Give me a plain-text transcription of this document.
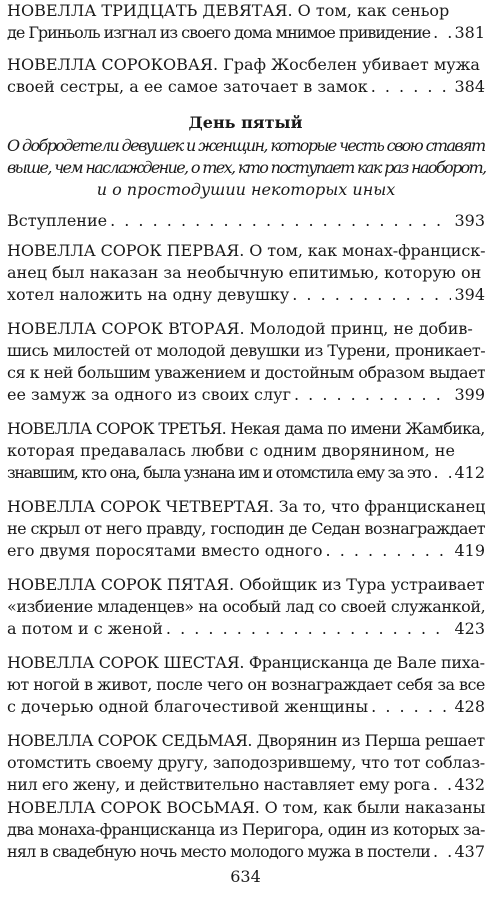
НОВЕЛЛА ТРИДЦАТЬ ДЕВЯТАЯ. О том, как сеньор
де Гриньоль изгнал из своего дома мнимое привидение . . . 381
НОВЕЛЛА СОРОКОВАЯ. Граф Жосбелен убивает мужа
своей сестры, а ее самое заточает в замок . . .	384
День пятый
О добродетели девушек и женщин, которые честь свою ставят
выше, чем наслаждение, о тех, кто поступает как раз наоборот,
и о простодушии некоторых иных
Вступление . . .	393
НОВЕЛЛА СОРОК ПЕРВАЯ. О том, как монах-франциск-
анец был наказан за необычную епитимью, которую он
хотел наложить на одну девушку . . .	394
НОВЕЛЛА СОРОК ВТОРАЯ. Молодой принц, не добив-
шись милостей от молодой девушки из Турени, проникает-
ся к ней большим уважением и достойным образом выдает
ее замуж за одного из своих слуг . . .	399
НОВЕЛЛА СОРОК ТРЕТЬЯ. Некая дама по имени Жамбика,
которая предавалась любви с одним дворянином, не
знавшим, кто она, была узнана им и отомстила ему за это . . . 412
НОВЕЛЛА СОРОК ЧЕТВЕРТАЯ. За то, что францисканец
не скрыл от него правду, господин де Седан вознаграждает
его двумя поросятами вместо одного . . .	419
НОВЕЛЛА СОРОК ПЯТАЯ. Обойщик из Тура устраивает
«избиение младенцев» на особый лад со своей служанкой,
а потом и с женой . . .	423
НОВЕЛЛА СОРОК ШЕСТАЯ. Францисканца де Вале пиха-
ют ногой в живот, после чего он вознаграждает себя за все
с дочерью одной благочестивой женщины . . .	428
НОВЕЛЛА СОРОК СЕДЬМАЯ. Дворянин из Перша решает
отомстить своему другу, заподозрившему, что тот соблаз-
нил его жену, и действительно наставляет ему рога . . . 432
НОВЕЛЛА СОРОК ВОСЬМАЯ. О том, как были наказаны
два монаха-францисканца из Перигора, один из которых за-
нял в свадебную ночь место молодого мужа в постели . . . 437
634
